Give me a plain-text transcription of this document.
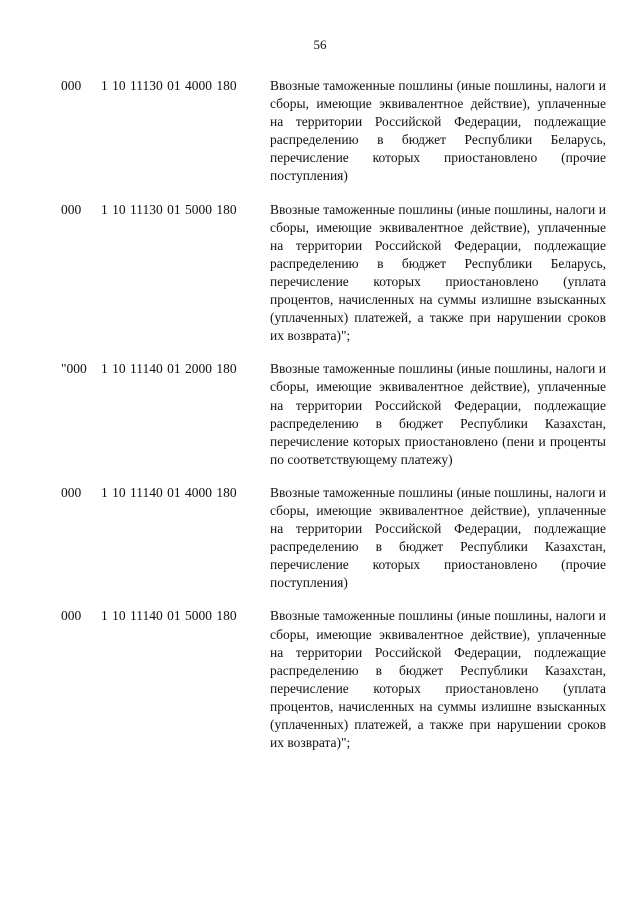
56
000 1 10 11130 01 4000 180 Ввозные таможенные пошлины (иные пошлины, налоги и сборы, имеющие эквивалентное действие), уплаченные на территории Российской Федерации, подлежащие распределению в бюджет Республики Беларусь, перечисление которых приостановлено (прочие поступления)
000 1 10 11130 01 5000 180 Ввозные таможенные пошлины (иные пошлины, налоги и сборы, имеющие эквивалентное действие), уплаченные на территории Российской Федерации, подлежащие распределению в бюджет Республики Беларусь, перечисление которых приостановлено (уплата процентов, начисленных на суммы излишне взысканных (уплаченных) платежей, а также при нарушении сроков их возврата)";
"000 1 10 11140 01 2000 180 Ввозные таможенные пошлины (иные пошлины, налоги и сборы, имеющие эквивалентное действие), уплаченные на территории Российской Федерации, подлежащие распределению в бюджет Республики Казахстан, перечисление которых приостановлено (пени и проценты по соответствующему платежу)
000 1 10 11140 01 4000 180 Ввозные таможенные пошлины (иные пошлины, налоги и сборы, имеющие эквивалентное действие), уплаченные на территории Российской Федерации, подлежащие распределению в бюджет Республики Казахстан, перечисление которых приостановлено (прочие поступления)
000 1 10 11140 01 5000 180 Ввозные таможенные пошлины (иные пошлины, налоги и сборы, имеющие эквивалентное действие), уплаченные на территории Российской Федерации, подлежащие распределению в бюджет Республики Казахстан, перечисление которых приостановлено (уплата процентов, начисленных на суммы излишне взысканных (уплаченных) платежей, а также при нарушении сроков их возврата)";
